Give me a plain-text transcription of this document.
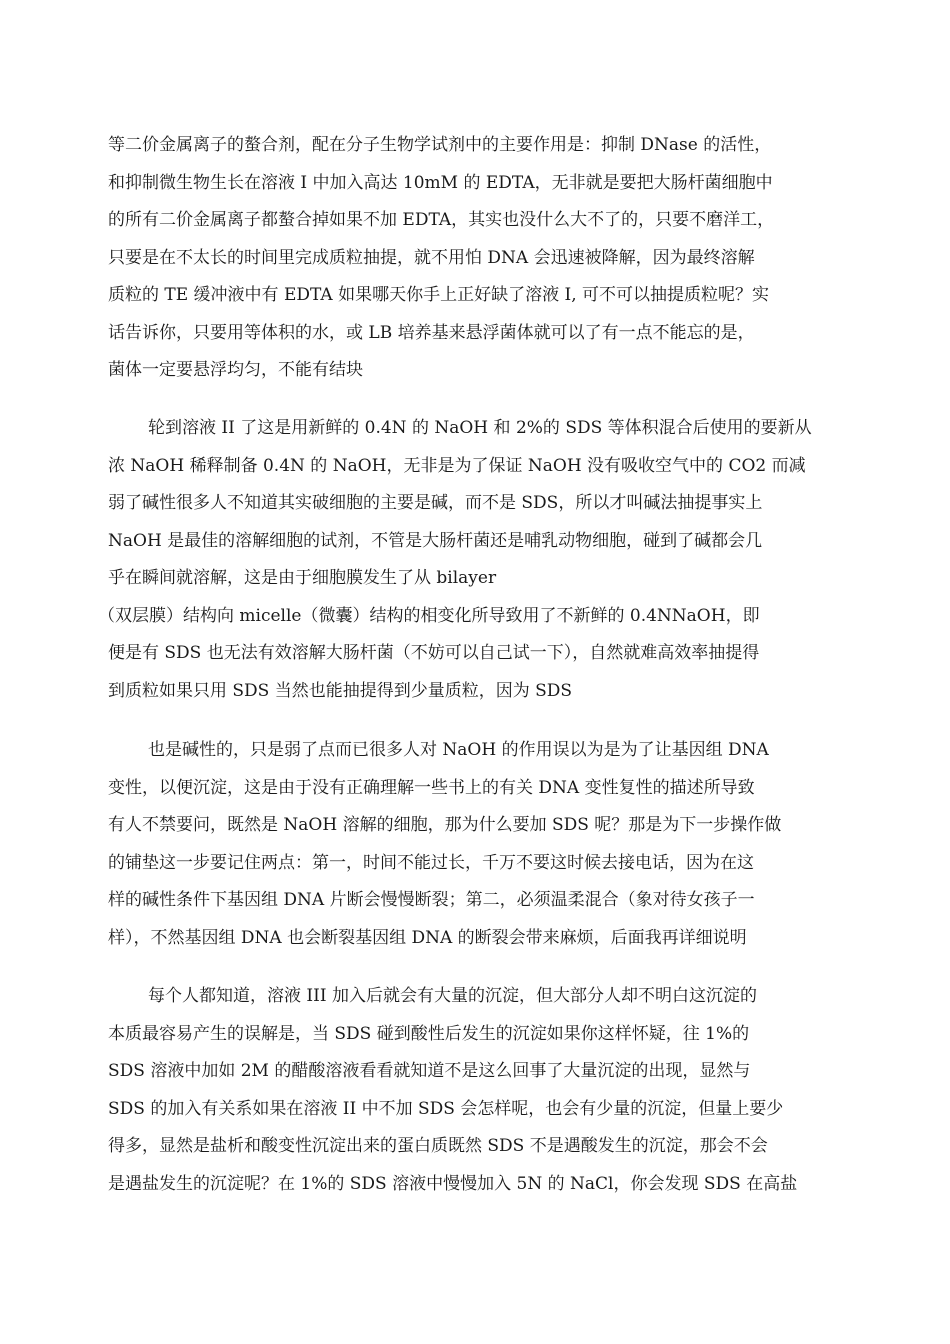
等二价金属离子的螯合剂，配在分子生物学试剂中的主要作用是：抑制 DNase 的活性，
和抑制微生物生长在溶液 I 中加入高达 10mM 的 EDTA，无非就是要把大肠杆菌细胞中
的所有二价金属离子都螯合掉如果不加 EDTA，其实也没什么大不了的，只要不磨洋工，
只要是在不太长的时间里完成质粒抽提，就不用怕 DNA 会迅速被降解，因为最终溶解
质粒的 TE 缓冲液中有 EDTA 如果哪天你手上正好缺了溶液 I, 可不可以抽提质粒呢？实
话告诉你，只要用等体积的水，或 LB 培养基来悬浮菌体就可以了有一点不能忘的是，
菌体一定要悬浮均匀，不能有结块
轮到溶液 II 了这是用新鲜的 0.4N 的 NaOH 和 2%的 SDS 等体积混合后使用的要新从
浓 NaOH 稀释制备 0.4N 的 NaOH，无非是为了保证 NaOH 没有吸收空气中的 CO2 而减
弱了碱性很多人不知道其实破细胞的主要是碱，而不是 SDS，所以才叫碱法抽提事实上
NaOH 是最佳的溶解细胞的试剂，不管是大肠杆菌还是哺乳动物细胞，碰到了碱都会几
乎在瞬间就溶解，这是由于细胞膜发生了从 bilayer
（双层膜）结构向 micelle（微囊）结构的相变化所导致用了不新鲜的 0.4NNaOH，即
便是有 SDS 也无法有效溶解大肠杆菌（不妨可以自己试一下），自然就难高效率抽提得
到质粒如果只用 SDS 当然也能抽提得到少量质粒，因为 SDS
也是碱性的，只是弱了点而已很多人对 NaOH 的作用误以为是为了让基因组 DNA
变性，以便沉淀，这是由于没有正确理解一些书上的有关 DNA 变性复性的描述所导致
有人不禁要问，既然是 NaOH 溶解的细胞，那为什么要加 SDS 呢？那是为下一步操作做
的铺垫这一步要记住两点：第一，时间不能过长，千万不要这时候去接电话，因为在这
样的碱性条件下基因组 DNA 片断会慢慢断裂；第二，必须温柔混合（象对待女孩子一
样），不然基因组 DNA 也会断裂基因组 DNA 的断裂会带来麻烦，后面我再详细说明
每个人都知道，溶液 III 加入后就会有大量的沉淀，但大部分人却不明白这沉淀的
本质最容易产生的误解是，当 SDS 碰到酸性后发生的沉淀如果你这样怀疑，往 1%的
SDS 溶液中加如 2M 的醋酸溶液看看就知道不是这么回事了大量沉淀的出现，显然与
SDS 的加入有关系如果在溶液 II 中不加 SDS 会怎样呢，也会有少量的沉淀，但量上要少
得多，显然是盐析和酸变性沉淀出来的蛋白质既然 SDS 不是遇酸发生的沉淀，那会不会
是遇盐发生的沉淀呢？在 1%的 SDS 溶液中慢慢加入 5N 的 NaCl，你会发现 SDS 在高盐
